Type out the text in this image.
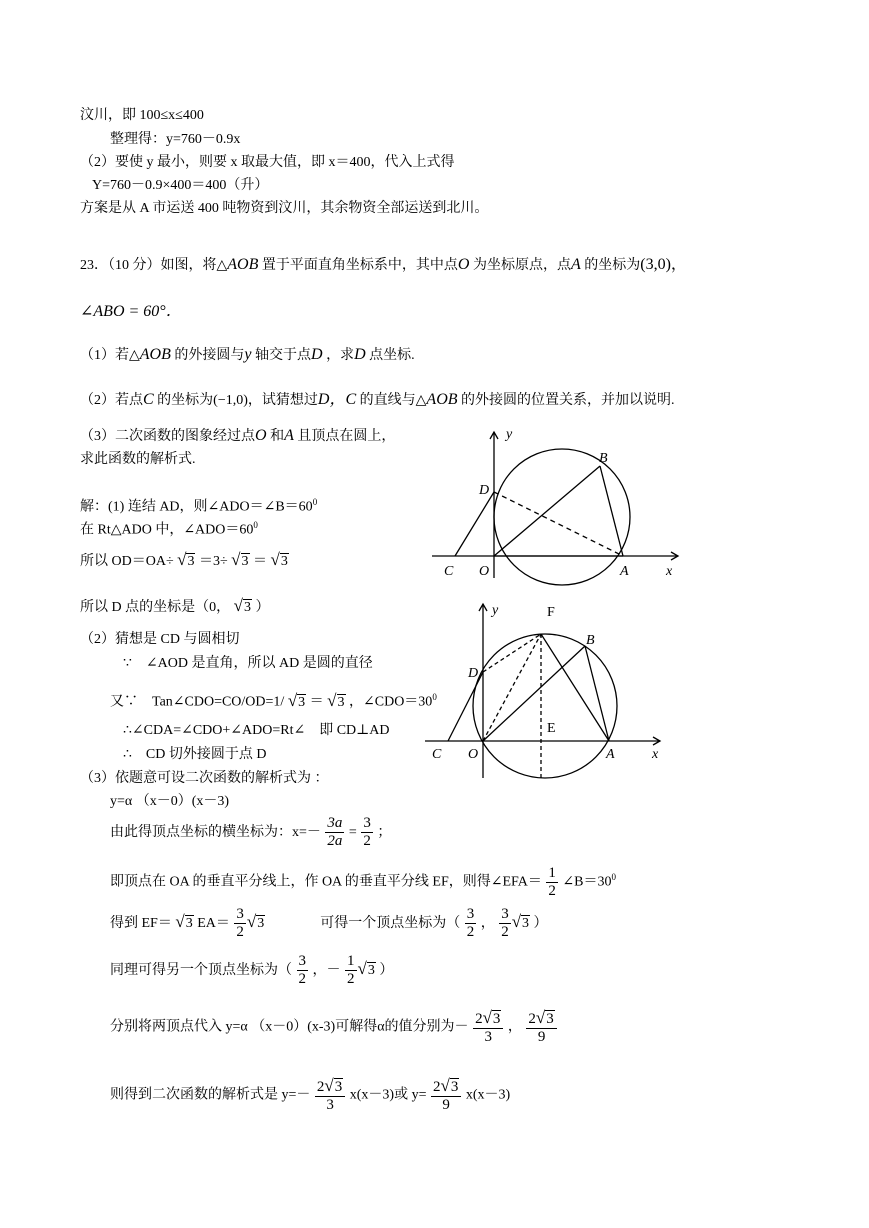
汶川，即 100≤x≤400
整理得：y=760－0.9x
（2）要使 y 最小，则要 x 取最大值，即 x＝400，代入上式得
Y=760－0.9×400＝400（升）
方案是从 A 市运送 400 吨物资到汶川，其余物资全部运送到北川。
23．（10 分）如图，将△AOB 置于平面直角坐标系中，其中点O 为坐标原点，点A 的坐标为(3,0)，
∠ABO = 60°．
（1）若△AOB 的外接圆与y 轴交于点D ，求D 点坐标.
（2）若点C 的坐标为(−1,0)，试猜想过D，C 的直线与△AOB 的外接圆的位置关系，并加以说明.
（3）二次函数的图象经过点O 和A 且顶点在圆上，
求此函数的解析式.
解：(1) 连结 AD，则$\angle ADO=\angle B=60^0$
在 Rt△ADO 中，$\angle ADO=60^0$
所以 OD＝OA÷ √3 ＝3÷ √3 ＝ √3
所以 D 点的坐标是（0， √3 ）
（2）猜想是 CD 与圆相切
∵　∠AOD 是直角，所以 AD 是圆的直径
又∵　Tan∠CDO=CO/OD=1/ √3 ＝ √3 ，$\angle CDO=30^0$
∴∠CDA=∠CDO+∠ADO=Rt∠　即 CD⊥AD
∴　CD 切外接圆于点 D
（3）依题意可设二次函数的解析式为 ：
y=α （x－0）(x－3)
由此得顶点坐标的横坐标为：$x=- \frac{3a}{2a} = \frac{3}{2}$ ；
即顶点在 OA 的垂直平分线上，作 OA 的垂直平分线 EF，则得∠EFA＝ $\frac{1}{2}$ $\angle B=30^0$
得到 EF＝ √3 $EA= \frac{3}{2} √3$	可得一个顶点坐标为（ $\frac{3}{2}$ ， $\frac{3}{2} √3$ ）
同理可得另一个顶点坐标为（ $\frac{3}{2}$ ，－ $\frac{1}{2} √3$ ）
分别将两顶点代入 y=α （x－0）(x-3)可解得α的值分别为－ $\frac{2√3}{3}$ ， $\frac{2√3}{9}$
则得到二次函数的解析式是 $y=- \frac{2√3}{3} x(x-3)$或 $y= \frac{2√3}{9} x(x-3)$
y
B
D
C O	A	x
y	F
B
D
E
C O	A	x
